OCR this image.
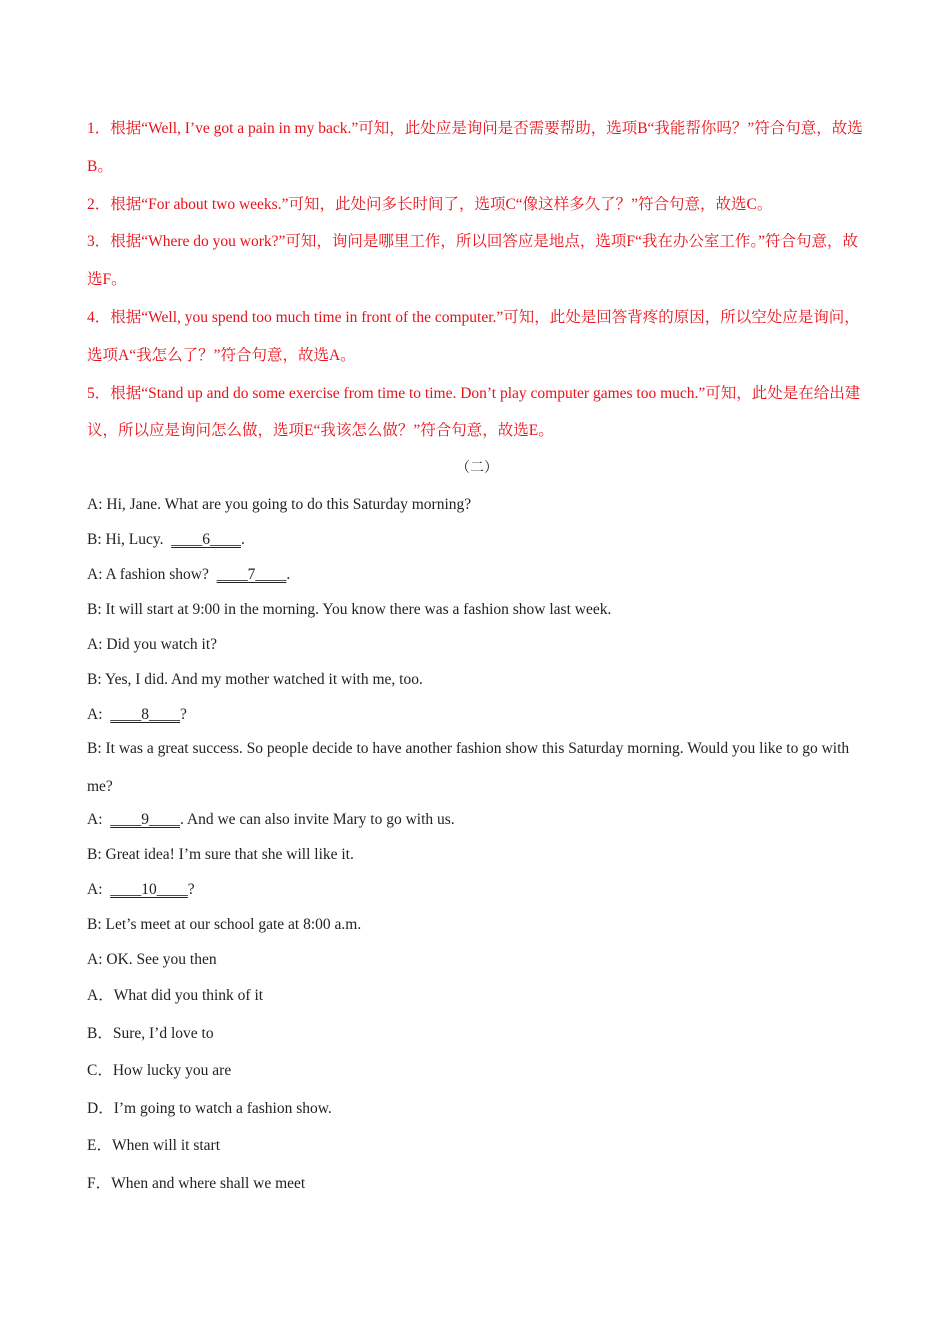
1．根据“Well, I’ve got a pain in my back.”可知，此处应是询问是否需要帮助，选项B“我能帮你吗？”符合句意，故选B。

2．根据“For about two weeks.”可知，此处问多长时间了，选项C“像这样多久了？”符合句意，故选C。

3．根据“Where do you work?”可知，询问是哪里工作，所以回答应是地点，选项F“我在办公室工作。”符合句意，故选F。

4．根据“Well, you spend too much time in front of the computer.”可知，此处是回答背疼的原因，所以空处应是询问，选项A“我怎么了？”符合句意，故选A。

5．根据“Stand up and do some exercise from time to time. Don’t play computer games too much.”可知，此处是在给出建议，所以应是询问怎么做，选项E“我该怎么做？”符合句意，故选E。

（二）

A: Hi, Jane. What are you going to do this Saturday morning?

B: Hi, Lucy.  ____6____.

A: A fashion show?  ____7____.

B: It will start at 9:00 in the morning. You know there was a fashion show last week.

A: Did you watch it?

B: Yes, I did. And my mother watched it with me, too.

A:  ____8____?

B: It was a great success. So people decide to have another fashion show this Saturday morning. Would you like to go with me?

A:  ____9____. And we can also invite Mary to go with us.

B: Great idea! I’m sure that she will like it.

A:  ____10____?

B: Let’s meet at our school gate at 8:00 a.m.

A: OK. See you then

A．What did you think of it

B．Sure, I’d love to

C．How lucky you are

D．I’m going to watch a fashion show.

E．When will it start

F．When and where shall we meet
